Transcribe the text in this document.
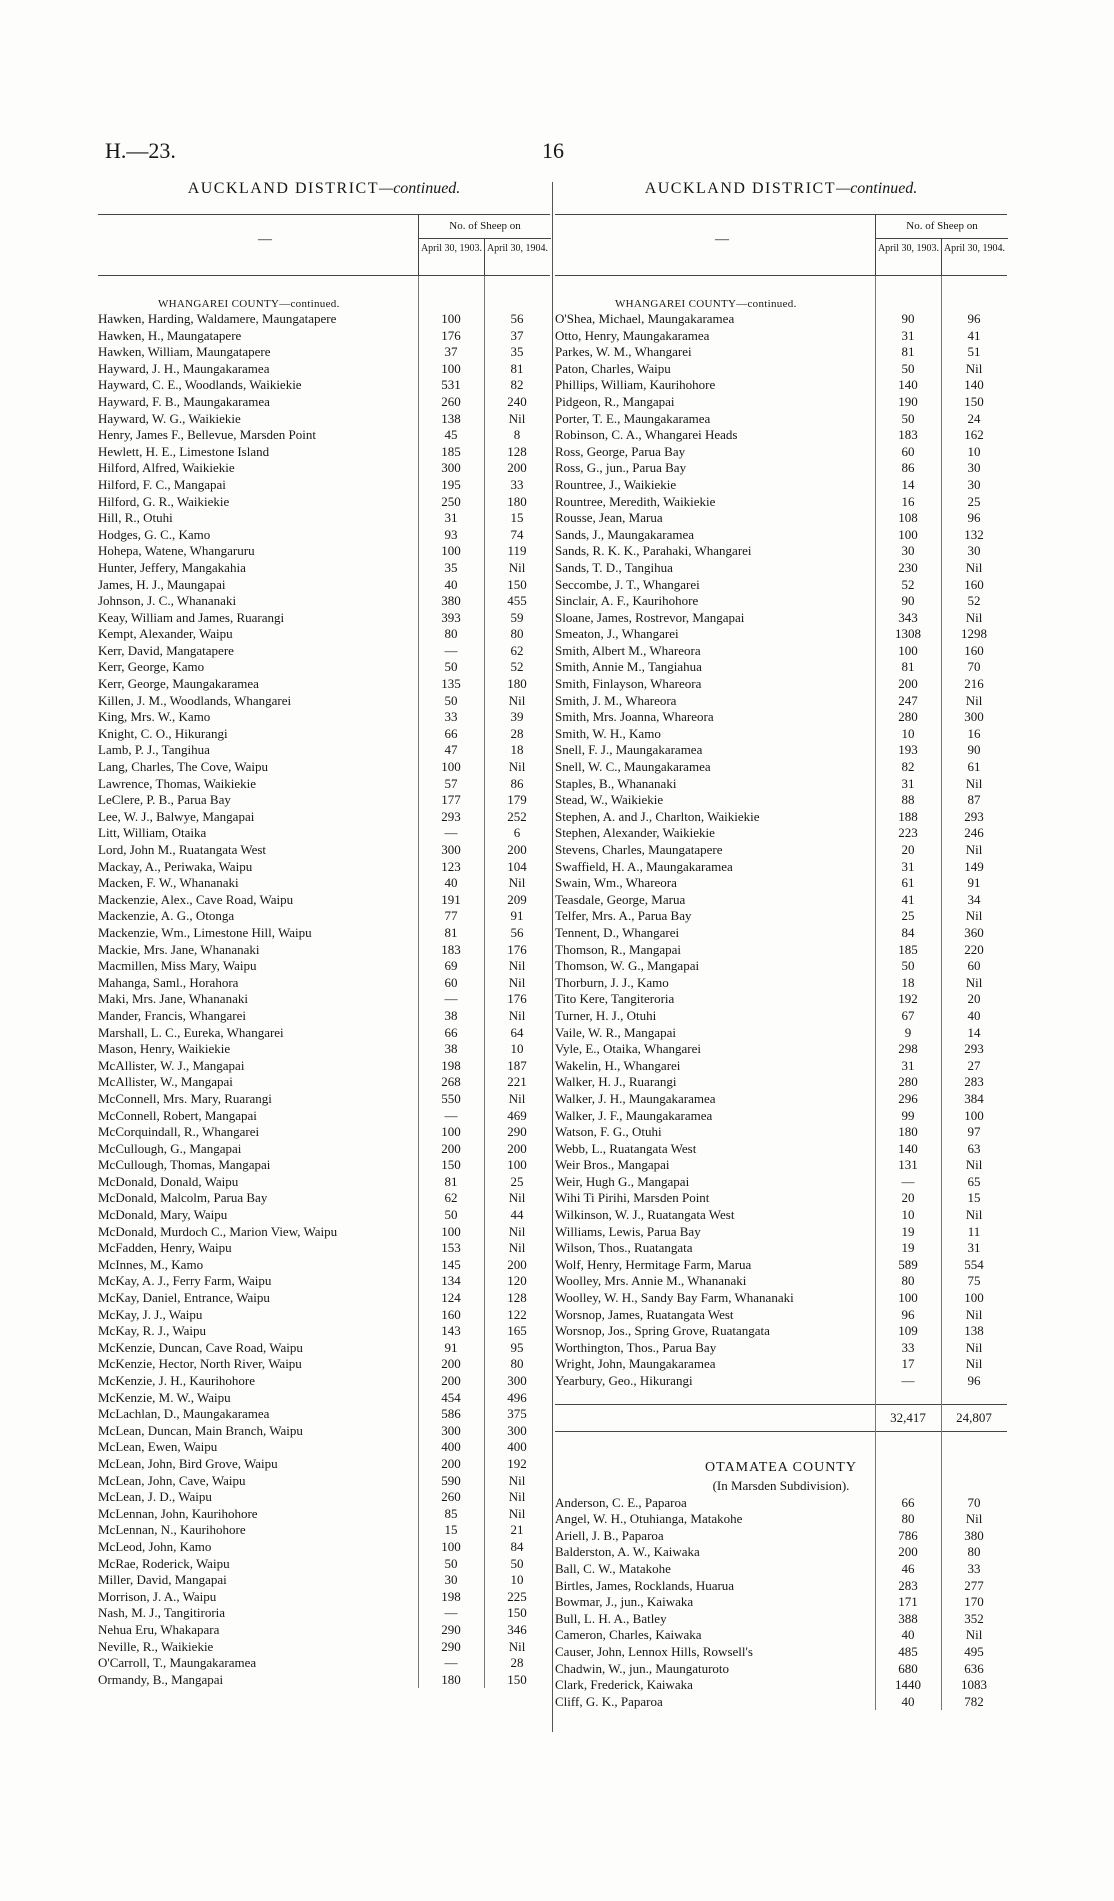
H.—23.	16
AUCKLAND DISTRICT—continued.
—
No. of Sheep on
April 30, 1903. April 30, 1904.
WHANGAREI COUNTY—continued.
Hawken, Harding, Waldamere, Maungatapere	100	56
Hawken, H., Maungatapere	176	37
Hawken, William, Maungatapere	37	35
Hayward, J. H., Maungakaramea	100	81
Hayward, C. E., Woodlands, Waikiekie	531	82
Hayward, F. B., Maungakaramea	260	240
Hayward, W. G., Waikiekie	138	Nil
Henry, James F., Bellevue, Marsden Point	45	8
Hewlett, H. E., Limestone Island	185	128
Hilford, Alfred, Waikiekie	300	200
Hilford, F. C., Mangapai	195	33
Hilford, G. R., Waikiekie	250	180
Hill, R., Otuhi	31	15
Hodges, G. C., Kamo	93	74
Hohepa, Watene, Whangaruru	100	119
Hunter, Jeffery, Mangakahia	35	Nil
James, H. J., Maungapai	40	150
Johnson, J. C., Whananaki	380	455
Keay, William and James, Ruarangi	393	59
Kempt, Alexander, Waipu	80	80
Kerr, David, Mangatapere	—	62
Kerr, George, Kamo	50	52
Kerr, George, Maungakaramea	135	180
Killen, J. M., Woodlands, Whangarei	50	Nil
King, Mrs. W., Kamo	33	39
Knight, C. O., Hikurangi	66	28
Lamb, P. J., Tangihua	47	18
Lang, Charles, The Cove, Waipu	100	Nil
Lawrence, Thomas, Waikiekie	57	86
LeClere, P. B., Parua Bay	177	179
Lee, W. J., Balwye, Mangapai	293	252
Litt, William, Otaika	—	6
Lord, John M., Ruatangata West	300	200
Mackay, A., Periwaka, Waipu	123	104
Macken, F. W., Whananaki	40	Nil
Mackenzie, Alex., Cave Road, Waipu	191	209
Mackenzie, A. G., Otonga	77	91
Mackenzie, Wm., Limestone Hill, Waipu	81	56
Mackie, Mrs. Jane, Whananaki	183	176
Macmillen, Miss Mary, Waipu	69	Nil
Mahanga, Saml., Horahora	60	Nil
Maki, Mrs. Jane, Whananaki	—	176
Mander, Francis, Whangarei	38	Nil
Marshall, L. C., Eureka, Whangarei	66	64
Mason, Henry, Waikiekie	38	10
McAllister, W. J., Mangapai	198	187
McAllister, W., Mangapai	268	221
McConnell, Mrs. Mary, Ruarangi	550	Nil
McConnell, Robert, Mangapai	—	469
McCorquindall, R., Whangarei	100	290
McCullough, G., Mangapai	200	200
McCullough, Thomas, Mangapai	150	100
McDonald, Donald, Waipu	81	25
McDonald, Malcolm, Parua Bay	62	Nil
McDonald, Mary, Waipu	50	44
McDonald, Murdoch C., Marion View, Waipu	100	Nil
McFadden, Henry, Waipu	153	Nil
McInnes, M., Kamo	145	200
McKay, A. J., Ferry Farm, Waipu	134	120
McKay, Daniel, Entrance, Waipu	124	128
McKay, J. J., Waipu	160	122
McKay, R. J., Waipu	143	165
McKenzie, Duncan, Cave Road, Waipu	91	95
McKenzie, Hector, North River, Waipu	200	80
McKenzie, J. H., Kaurihohore	200	300
McKenzie, M. W., Waipu	454	496
McLachlan, D., Maungakaramea	586	375
McLean, Duncan, Main Branch, Waipu	300	300
McLean, Ewen, Waipu	400	400
McLean, John, Bird Grove, Waipu	200	192
McLean, John, Cave, Waipu	590	Nil
McLean, J. D., Waipu	260	Nil
McLennan, John, Kaurihohore	85	Nil
McLennan, N., Kaurihohore	15	21
McLeod, John, Kamo	100	84
McRae, Roderick, Waipu	50	50
Miller, David, Mangapai	30	10
Morrison, J. A., Waipu	198	225
Nash, M. J., Tangitiroria	—	150
Nehua Eru, Whakapara	290	346
Neville, R., Waikiekie	290	Nil
O'Carroll, T., Maungakaramea	—	28
Ormandy, B., Mangapai	180	150
AUCKLAND DISTRICT—continued.
—
No. of Sheep on
April 30, 1903. April 30, 1904.
WHANGAREI COUNTY—continued.
O'Shea, Michael, Maungakaramea	90	96
Otto, Henry, Maungakaramea	31	41
Parkes, W. M., Whangarei	81	51
Paton, Charles, Waipu	50	Nil
Phillips, William, Kaurihohore	140	140
Pidgeon, R., Mangapai	190	150
Porter, T. E., Maungakaramea	50	24
Robinson, C. A., Whangarei Heads	183	162
Ross, George, Parua Bay	60	10
Ross, G., jun., Parua Bay	86	30
Rountree, J., Waikiekie	14	30
Rountree, Meredith, Waikiekie	16	25
Rousse, Jean, Marua	108	96
Sands, J., Maungakaramea	100	132
Sands, R. K. K., Parahaki, Whangarei	30	30
Sands, T. D., Tangihua	230	Nil
Seccombe, J. T., Whangarei	52	160
Sinclair, A. F., Kaurihohore	90	52
Sloane, James, Rostrevor, Mangapai	343	Nil
Smeaton, J., Whangarei	1308	1298
Smith, Albert M., Whareora	100	160
Smith, Annie M., Tangiahua	81	70
Smith, Finlayson, Whareora	200	216
Smith, J. M., Whareora	247	Nil
Smith, Mrs. Joanna, Whareora	280	300
Smith, W. H., Kamo	10	16
Snell, F. J., Maungakaramea	193	90
Snell, W. C., Maungakaramea	82	61
Staples, B., Whananaki	31	Nil
Stead, W., Waikiekie	88	87
Stephen, A. and J., Charlton, Waikiekie	188	293
Stephen, Alexander, Waikiekie	223	246
Stevens, Charles, Maungatapere	20	Nil
Swaffield, H. A., Maungakaramea	31	149
Swain, Wm., Whareora	61	91
Teasdale, George, Marua	41	34
Telfer, Mrs. A., Parua Bay	25	Nil
Tennent, D., Whangarei	84	360
Thomson, R., Mangapai	185	220
Thomson, W. G., Mangapai	50	60
Thorburn, J. J., Kamo	18	Nil
Tito Kere, Tangiteroria	192	20
Turner, H. J., Otuhi	67	40
Vaile, W. R., Mangapai	9	14
Vyle, E., Otaika, Whangarei	298	293
Wakelin, H., Whangarei	31	27
Walker, H. J., Ruarangi	280	283
Walker, J. H., Maungakaramea	296	384
Walker, J. F., Maungakaramea	99	100
Watson, F. G., Otuhi	180	97
Webb, L., Ruatangata West	140	63
Weir Bros., Mangapai	131	Nil
Weir, Hugh G., Mangapai	—	65
Wihi Ti Pirihi, Marsden Point	20	15
Wilkinson, W. J., Ruatangata West	10	Nil
Williams, Lewis, Parua Bay	19	11
Wilson, Thos., Ruatangata	19	31
Wolf, Henry, Hermitage Farm, Marua	589	554
Woolley, Mrs. Annie M., Whananaki	80	75
Woolley, W. H., Sandy Bay Farm, Whananaki	100	100
Worsnop, James, Ruatangata West	96	Nil
Worsnop, Jos., Spring Grove, Ruatangata	109	138
Worthington, Thos., Parua Bay	33	Nil
Wright, John, Maungakaramea	17	Nil
Yearbury, Geo., Hikurangi	—	96
32,417	24,807
OTAMATEA COUNTY
(In Marsden Subdivision).
Anderson, C. E., Paparoa	66	70
Angel, W. H., Otuhianga, Matakohe	80	Nil
Ariell, J. B., Paparoa	786	380
Balderston, A. W., Kaiwaka	200	80
Ball, C. W., Matakohe	46	33
Birtles, James, Rocklands, Huarua	283	277
Bowmar, J., jun., Kaiwaka	171	170
Bull, L. H. A., Batley	388	352
Cameron, Charles, Kaiwaka	40	Nil
Causer, John, Lennox Hills, Rowsell's	485	495
Chadwin, W., jun., Maungaturoto	680	636
Clark, Frederick, Kaiwaka	1440	1083
Cliff, G. K., Paparoa	40	782
